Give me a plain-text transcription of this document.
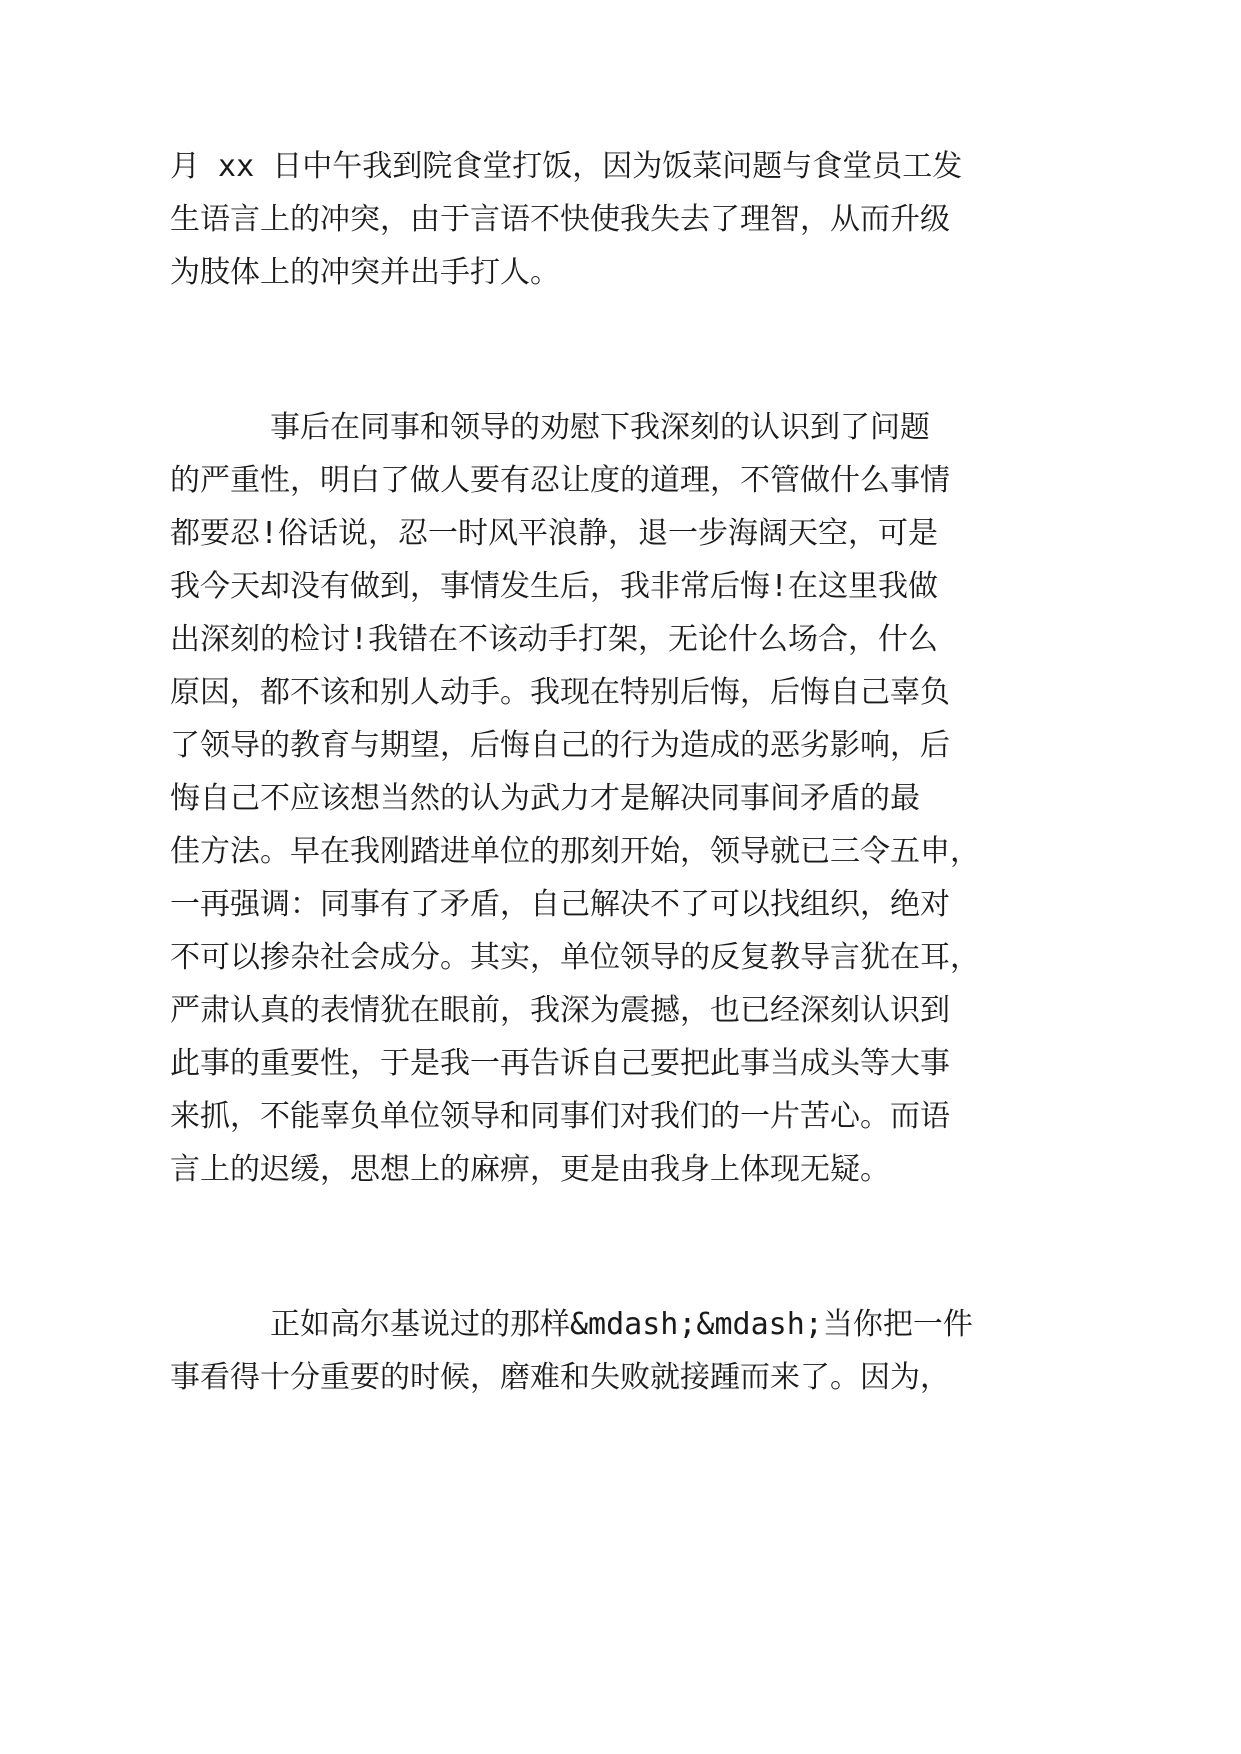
月 xx 日中午我到院食堂打饭，因为饭菜问题与食堂员工发
生语言上的冲突，由于言语不快使我失去了理智，从而升级
为肢体上的冲突并出手打人。
事后在同事和领导的劝慰下我深刻的认识到了问题
的严重性，明白了做人要有忍让度的道理，不管做什么事情
都要忍!俗话说，忍一时风平浪静，退一步海阔天空，可是
我今天却没有做到，事情发生后，我非常后悔!在这里我做
出深刻的检讨!我错在不该动手打架，无论什么场合，什么
原因，都不该和别人动手。我现在特别后悔，后悔自己辜负
了领导的教育与期望，后悔自己的行为造成的恶劣影响，后
悔自己不应该想当然的认为武力才是解决同事间矛盾的最
佳方法。早在我刚踏进单位的那刻开始，领导就已三令五申，
一再强调：同事有了矛盾，自己解决不了可以找组织，绝对
不可以掺杂社会成分。其实，单位领导的反复教导言犹在耳，
严肃认真的表情犹在眼前，我深为震撼，也已经深刻认识到
此事的重要性，于是我一再告诉自己要把此事当成头等大事
来抓，不能辜负单位领导和同事们对我们的一片苦心。而语
言上的迟缓，思想上的麻痹，更是由我身上体现无疑。
正如高尔基说过的那样&mdash;&mdash;当你把一件
事看得十分重要的时候，磨难和失败就接踵而来了。因为，
